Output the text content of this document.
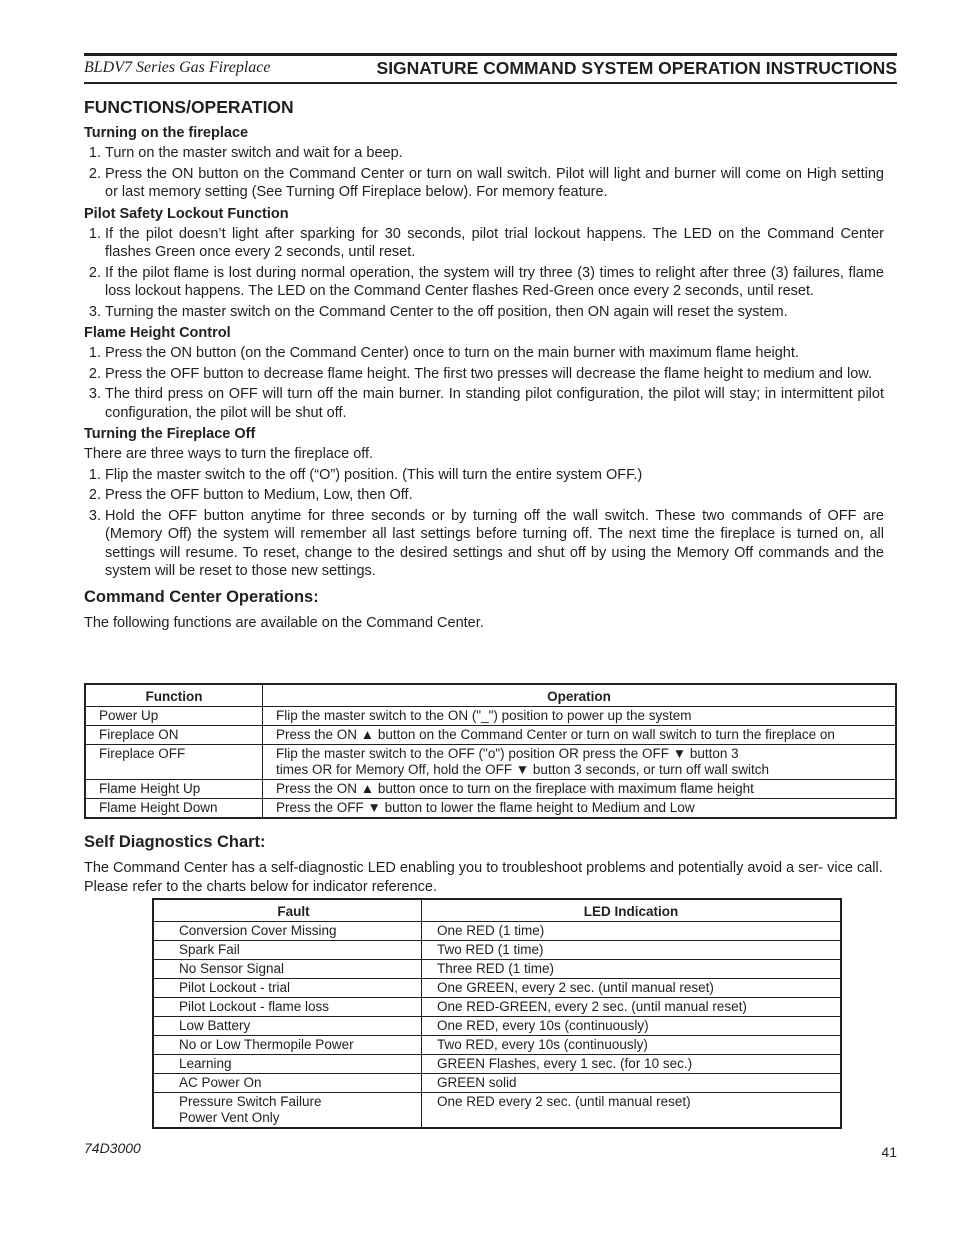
BLDV7 Series Gas Fireplace	SIGNATURE COMMAND SYSTEM OPERATION INSTRUCTIONS
FUNCTIONS/OPERATION
Turning on the fireplace
1. Turn on the master switch and wait for a beep.
2. Press the ON button on the Command Center or turn on wall switch. Pilot will light and burner will come on High setting or last memory setting (See Turning Off Fireplace below). For memory feature.
Pilot Safety Lockout Function
1. If the pilot doesn’t light after sparking for 30 seconds, pilot trial lockout happens. The LED on the Command Center flashes Green once every 2 seconds, until reset.
2. If the pilot flame is lost during normal operation, the system will try three (3) times to relight after three (3) failures, flame loss lockout happens. The LED on the Command Center flashes Red-Green once every 2 seconds, until reset.
3. Turning the master switch on the Command Center to the off position, then ON again will reset the system.
Flame Height Control
1. Press the ON button (on the Command Center) once to turn on the main burner with maximum flame height.
2. Press the OFF button to decrease flame height. The first two presses will decrease the flame height to medium and low.
3. The third press on OFF will turn off the main burner. In standing pilot configuration, the pilot will stay; in intermittent pilot configuration, the pilot will be shut off.
Turning the Fireplace Off

There are three ways to turn the fireplace off.

1. Flip the master switch to the off (“O”) position. (This will turn the entire system OFF.)
2. Press the OFF button to Medium, Low, then Off.
3. Hold the OFF button anytime for three seconds or by turning off the wall switch. These two commands of OFF are (Memory Off) the system will remember all last settings before turning off. The next time the fireplace is turned on, all settings will resume. To reset, change to the desired settings and shut off by using the Memory Off commands and the system will be reset to those new settings.
Command Center Operations:

The following functions are available on the Command Center.

Function	Operation
Power Up	Flip the master switch to the ON ("_") position to power up the system
Fireplace ON	Press the ON ▲ button on the Command Center or turn on wall switch to turn the fireplace on
Fireplace OFF	Flip the master switch to the OFF ("o") position OR press the OFF ▼ button 3
times OR for Memory Off, hold the OFF ▼ button 3 seconds, or turn off wall switch

Flame Height Up	Press the ON ▲ button once to turn on the fireplace with maximum flame height
Flame Height Down	Press the OFF ▼ button to lower the flame height to Medium and Low
Self Diagnostics Chart:

The Command Center has a self-diagnostic LED enabling you to troubleshoot problems and potentially avoid a ser- vice call. Please refer to the charts below for indicator reference.

Fault	LED Indication
Conversion Cover Missing	One RED (1 time)
Spark Fail	Two RED (1 time)
No Sensor Signal	Three RED (1 time)
Pilot Lockout - trial	One GREEN, every 2 sec. (until manual reset)
Pilot Lockout - flame loss	One RED-GREEN, every 2 sec. (until manual reset)
Low Battery	One RED, every 10s (continuously)
No or Low Thermopile Power	Two RED, every 10s (continuously)
Learning	GREEN Flashes, every 1 sec. (for 10 sec.)
AC Power On	GREEN solid

Pressure Switch Failure
Power Vent Only	One RED every 2 sec. (until manual reset)
74D3000	41
